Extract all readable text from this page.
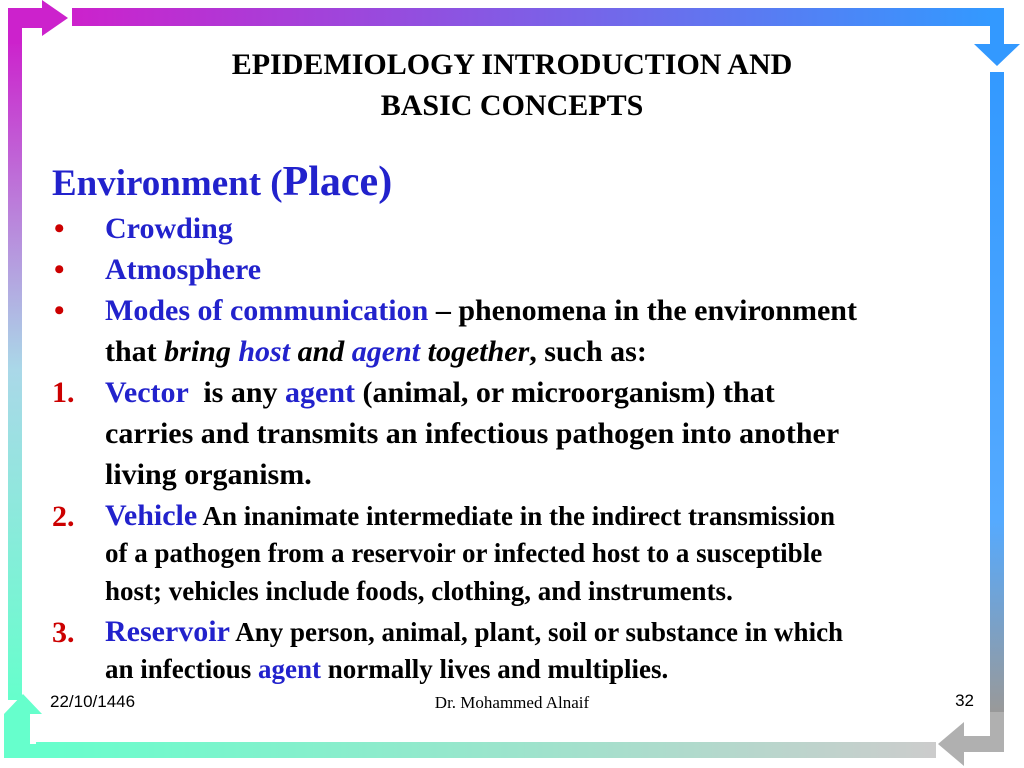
EPIDEMIOLOGY INTRODUCTION AND
BASIC CONCEPTS
Environment (Place)
• Crowding
• Atmosphere
• Modes of communication – phenomena in the environment
that bring host and agent together, such as:
1. Vector  is any agent (animal, or microorganism) that
carries and transmits an infectious pathogen into another
living organism.
2. Vehicle An inanimate intermediate in the indirect transmission
of a pathogen from a reservoir or infected host to a susceptible
host; vehicles include foods, clothing, and instruments.
3. Reservoir Any person, animal, plant, soil or substance in which
an infectious agent normally lives and multiplies.
22/10/1446	Dr. Mohammed Alnaif	32
